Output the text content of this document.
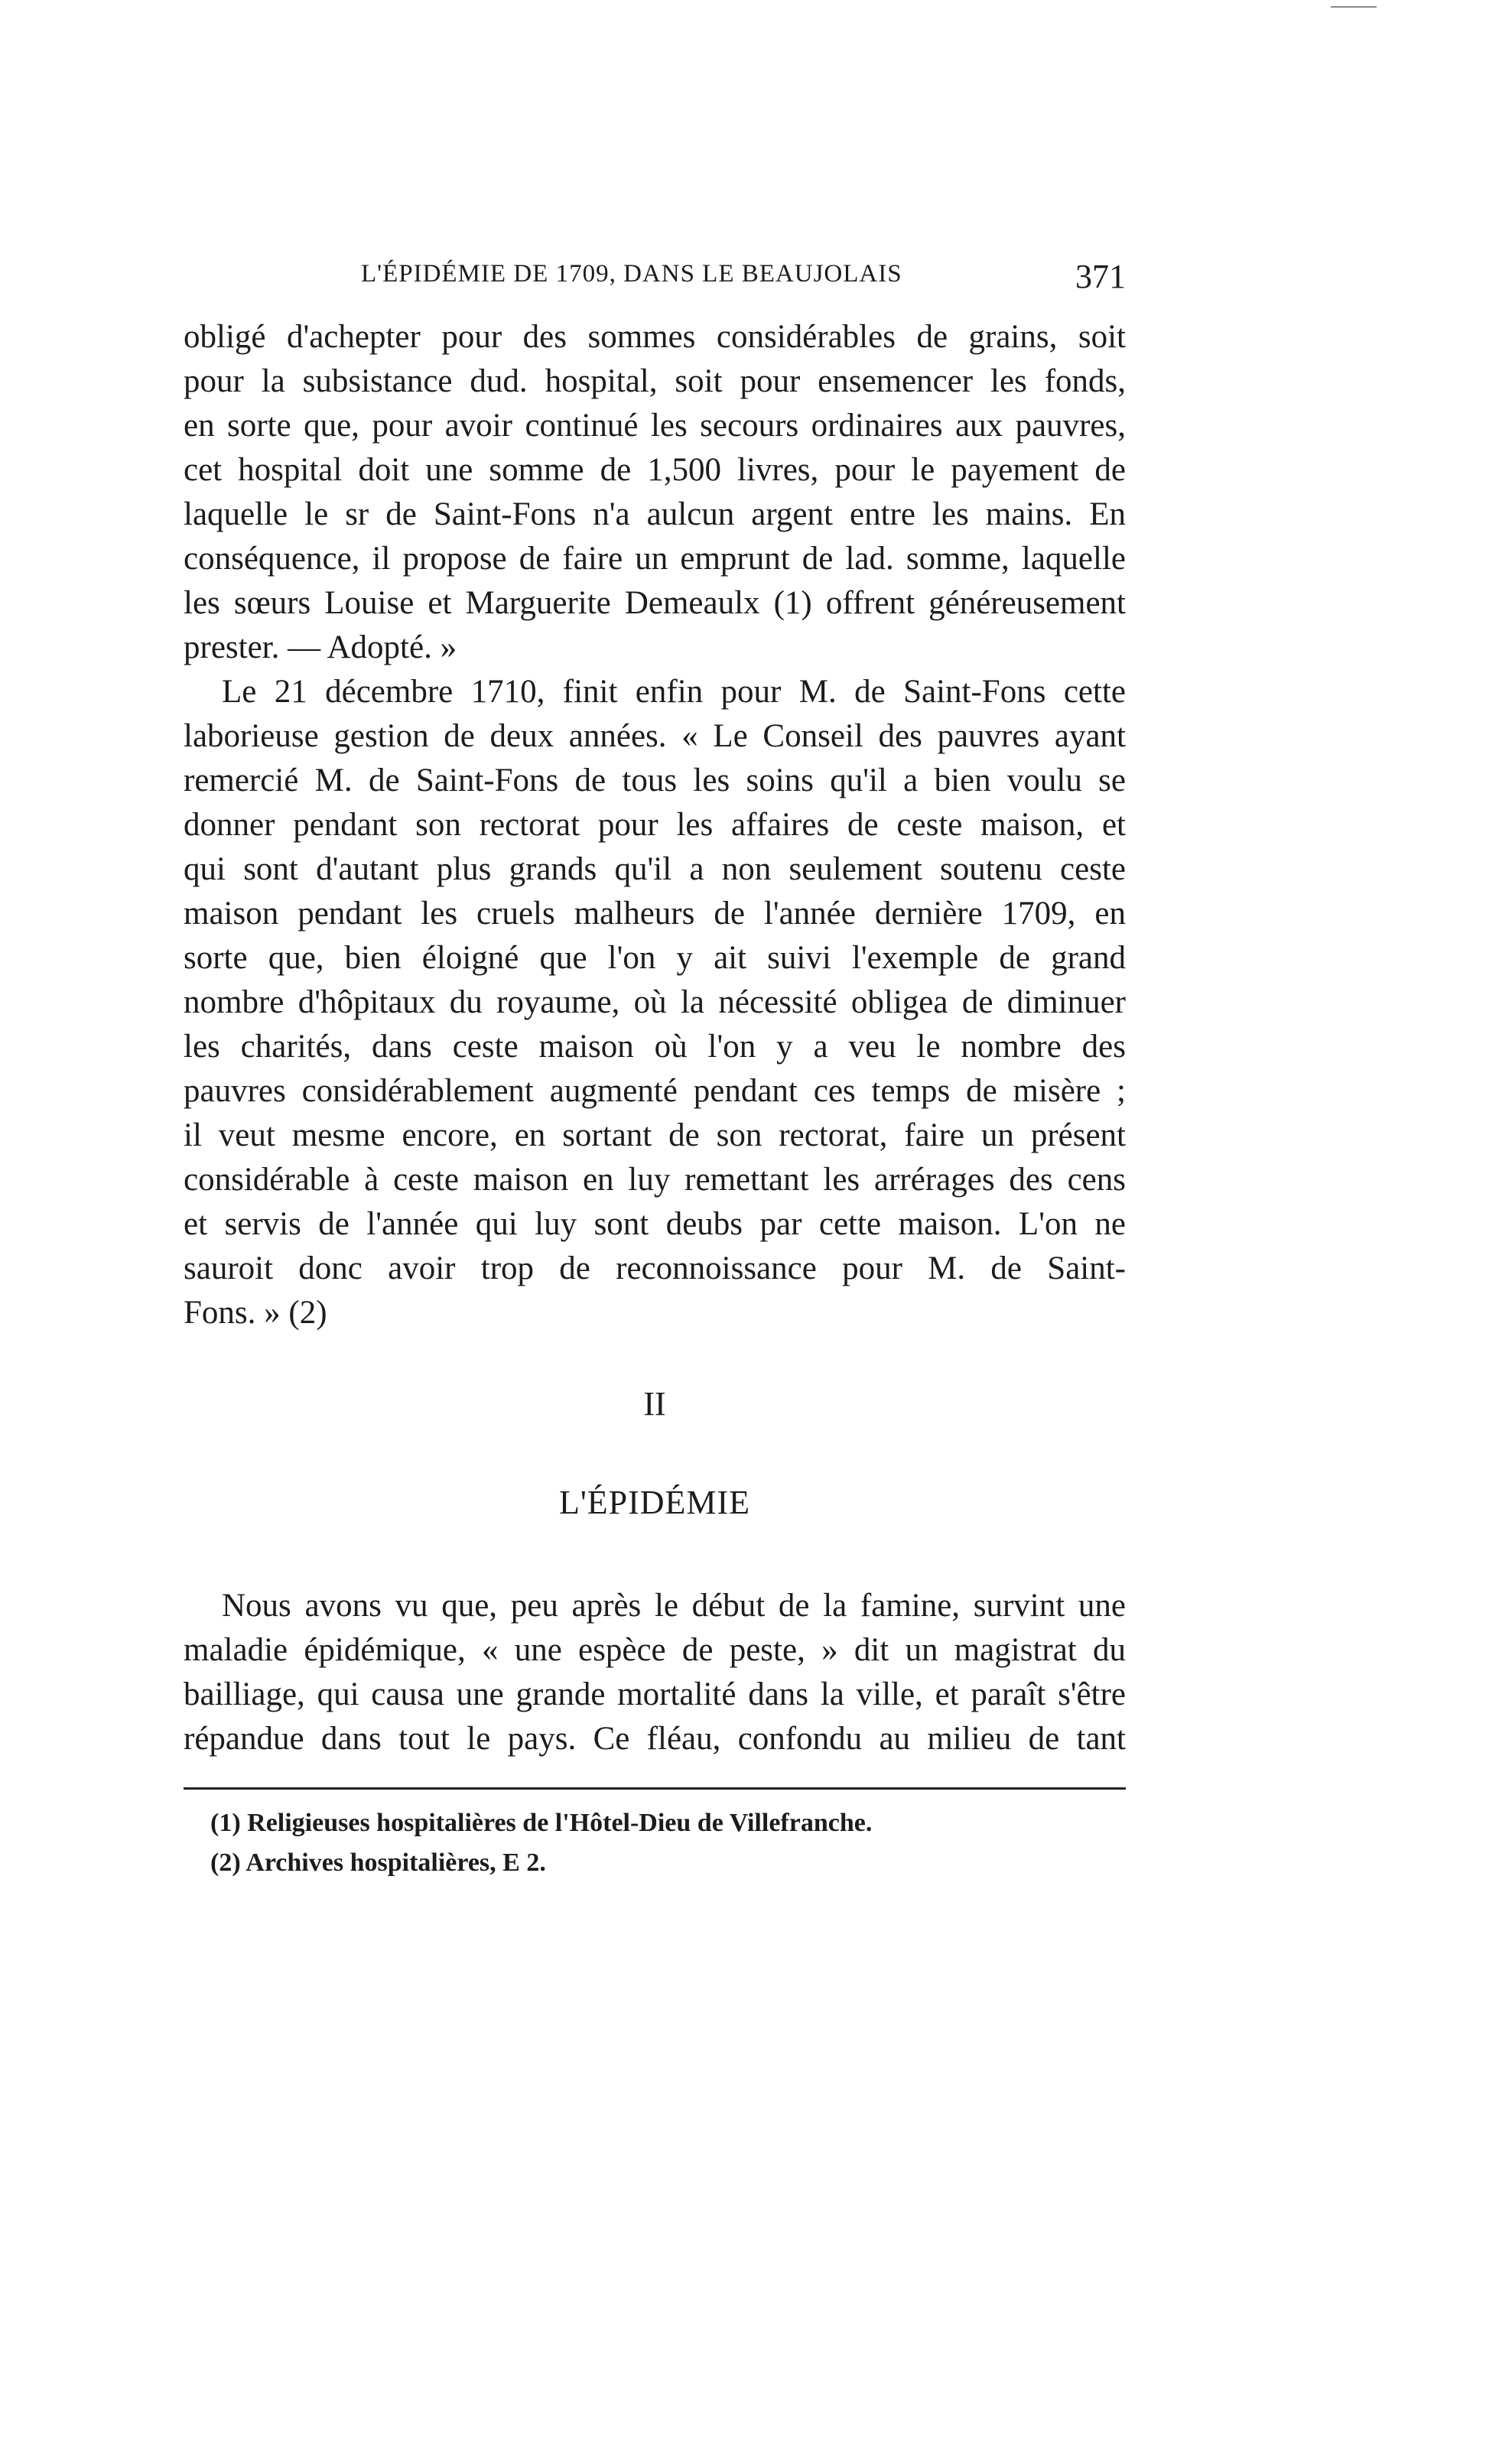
L'ÉPIDÉMIE DE 1709, DANS LE BEAUJOLAIS	371
obligé d'achepter pour des sommes considérables de grains, soit
pour la subsistance dud. hospital, soit pour ensemencer les fonds,
en sorte que, pour avoir continué les secours ordinaires aux pauvres,
cet hospital doit une somme de 1,500 livres, pour le payement de
laquelle le sr de Saint-Fons n'a aulcun argent entre les mains. En
conséquence, il propose de faire un emprunt de lad. somme, laquelle
les sœurs Louise et Marguerite Demeaulx (1) offrent généreusement
prester. — Adopté. »
Le 21 décembre 1710, finit enfin pour M. de Saint-Fons cette
laborieuse gestion de deux années. « Le Conseil des pauvres ayant
remercié M. de Saint-Fons de tous les soins qu'il a bien voulu se
donner pendant son rectorat pour les affaires de ceste maison, et
qui sont d'autant plus grands qu'il a non seulement soutenu ceste
maison pendant les cruels malheurs de l'année dernière 1709, en
sorte que, bien éloigné que l'on y ait suivi l'exemple de grand
nombre d'hôpitaux du royaume, où la nécessité obligea de diminuer
les charités, dans ceste maison où l'on y a veu le nombre des
pauvres considérablement augmenté pendant ces temps de misère ;
il veut mesme encore, en sortant de son rectorat, faire un présent
considérable à ceste maison en luy remettant les arrérages des cens
et servis de l'année qui luy sont deubs par cette maison. L'on ne
sauroit donc avoir trop de reconnoissance pour M. de Saint-
Fons. » (2)
II
L'ÉPIDÉMIE
Nous avons vu que, peu après le début de la famine, survint une
maladie épidémique, « une espèce de peste, » dit un magistrat du
bailliage, qui causa une grande mortalité dans la ville, et paraît s'être
répandue dans tout le pays. Ce fléau, confondu au milieu de tant
(1) Religieuses hospitalières de l'Hôtel-Dieu de Villefranche.
(2) Archives hospitalières, E 2.
